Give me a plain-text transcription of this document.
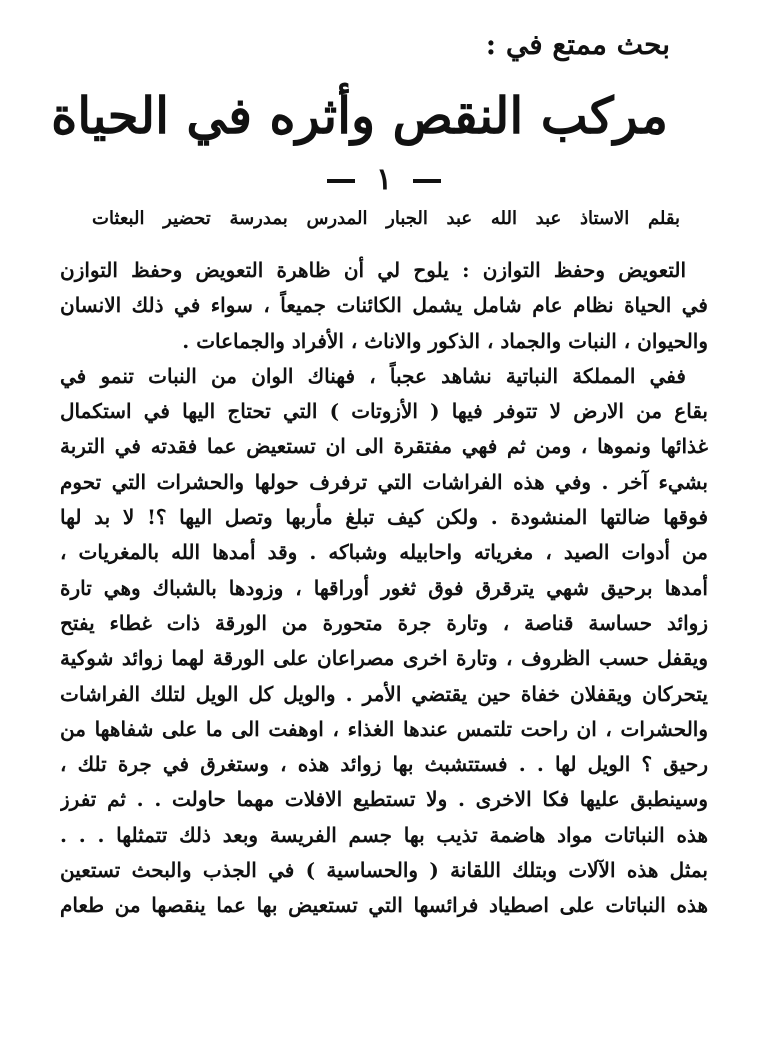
بحث ممتع في :
مركب النقص وأثره في الحياة
١
بقلم الاستاذ عبد الله عبد الجبار المدرس بمدرسة تحضير البعثات
التعويض وحفظ التوازن : يلوح لي أن ظاهرة التعويض وحفظ التوازن
في الحياة نظام عام شامل يشمل الكائنات جميعاً ، سواء في ذلك الانسان
والحيوان ، النبات والجماد ، الذكور والاناث ، الأفراد والجماعات .
ففي المملكة النباتية نشاهد عجباً ، فهناك الوان من النبات تنمو في
بقاع من الارض لا تتوفر فيها ( الأزوتات ) التي تحتاج اليها في استكمال
غذائها ونموها ، ومن ثم فهي مفتقرة الى ان تستعيض عما فقدته في التربة
بشيء آخر . وفي هذه الفراشات التي ترفرف حولها والحشرات التي تحوم
فوقها ضالتها المنشودة . ولكن كيف تبلغ مأربها وتصل اليها ؟! لا بد لها
من أدوات الصيد ، مغرياته واحابيله وشباكه . وقد أمدها الله بالمغريات ،
أمدها برحيق شهي يترقرق فوق ثغور أوراقها ، وزودها بالشباك وهي تارة
زوائد حساسة قناصة ، وتارة جرة متحورة من الورقة ذات غطاء يفتح
ويقفل حسب الظروف ، وتارة اخرى مصراعان على الورقة لهما زوائد شوكية
يتحركان ويقفلان خفاة حين يقتضي الأمر . والويل كل الويل لتلك الفراشات
والحشرات ، ان راحت تلتمس عندها الغذاء ، اوهفت الى ما على شفاهها من
رحيق ؟ الويل لها . . فستتشبث بها زوائد هذه ، وستغرق في جرة تلك ،
وسينطبق عليها فكا الاخرى . ولا تستطيع الافلات مهما حاولت . . ثم تفرز
هذه النباتات مواد هاضمة تذيب بها جسم الفريسة وبعد ذلك تتمثلها . . .
بمثل هذه الآلات وبتلك اللقانة ( والحساسية ) في الجذب والبحث تستعين
هذه النباتات على اصطياد فرائسها التي تستعيض بها عما ينقصها من طعام
